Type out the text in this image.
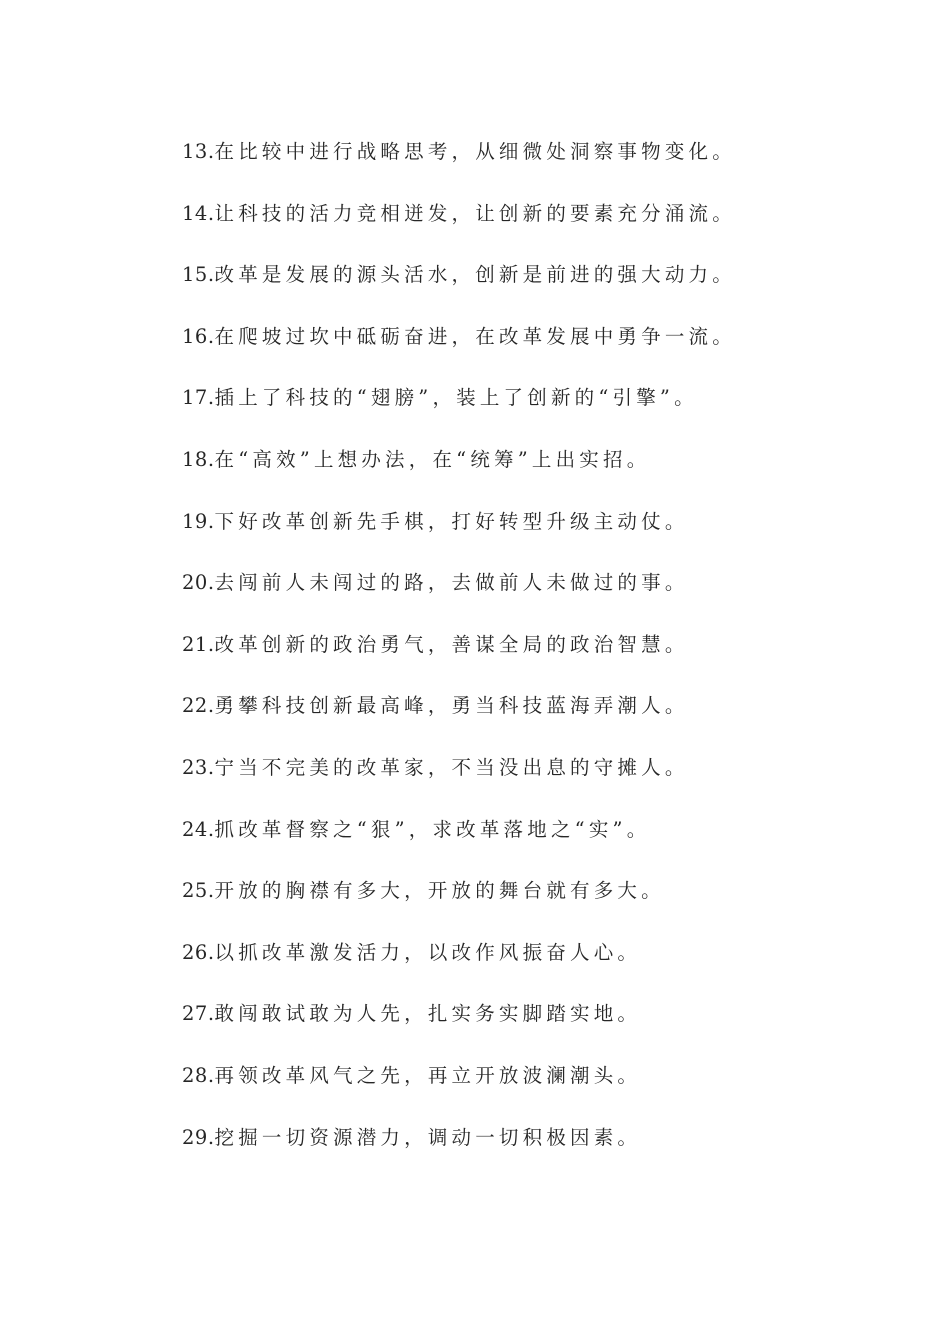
13.在比较中进行战略思考，从细微处洞察事物变化。
14.让科技的活力竞相迸发，让创新的要素充分涌流。
15.改革是发展的源头活水，创新是前进的强大动力。
16.在爬坡过坎中砥砺奋进，在改革发展中勇争一流。
17.插上了科技的“翅膀”，装上了创新的“引擎”。
18.在“高效”上想办法，在“统筹”上出实招。
19.下好改革创新先手棋，打好转型升级主动仗。
20.去闯前人未闯过的路，去做前人未做过的事。
21.改革创新的政治勇气，善谋全局的政治智慧。
22.勇攀科技创新最高峰，勇当科技蓝海弄潮人。
23.宁当不完美的改革家，不当没出息的守摊人。
24.抓改革督察之“狠”，求改革落地之“实”。
25.开放的胸襟有多大，开放的舞台就有多大。
26.以抓改革激发活力，以改作风振奋人心。
27.敢闯敢试敢为人先，扎实务实脚踏实地。
28.再领改革风气之先，再立开放波澜潮头。
29.挖掘一切资源潜力，调动一切积极因素。
